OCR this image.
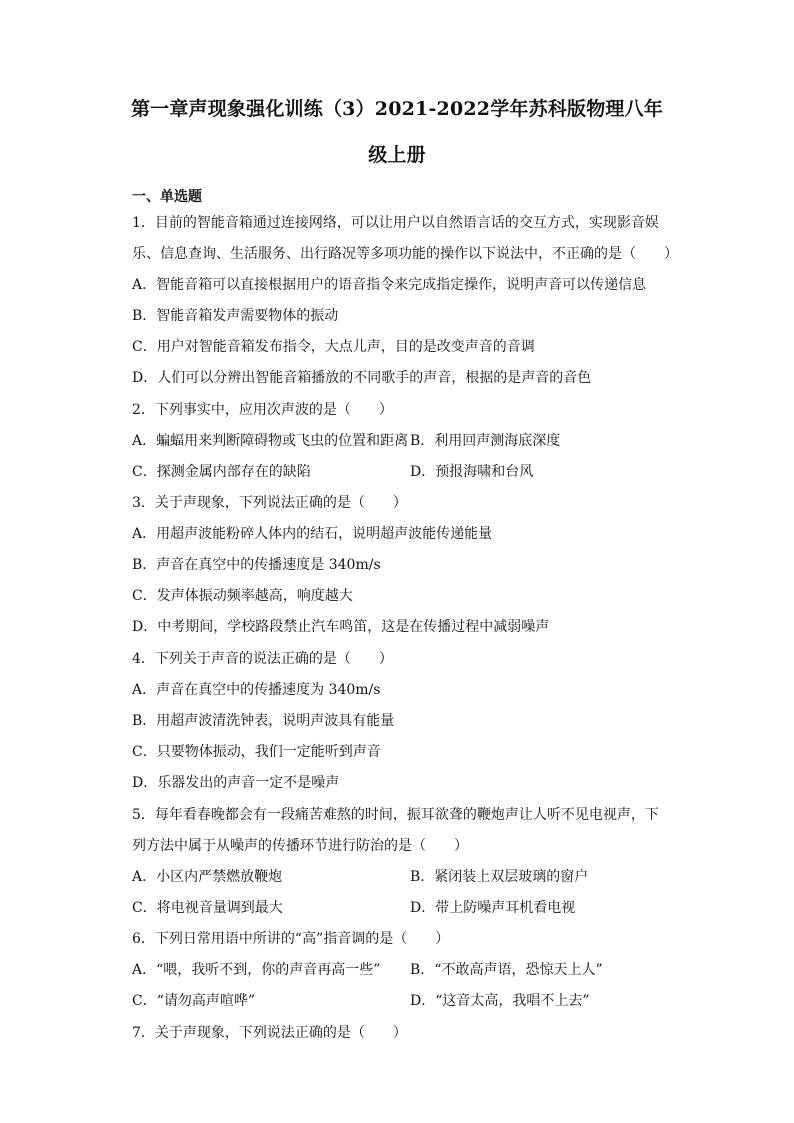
第一章声现象强化训练（3）2021-2022学年苏科版物理八年
级上册
一、单选题
1．目前的智能音箱通过连接网络，可以让用户以自然语言话的交互方式，实现影音娱
乐、信息查询、生活服务、出行路况等多项功能的操作以下说法中，不正确的是（　　）
A．智能音箱可以直接根据用户的语音指令来完成指定操作，说明声音可以传递信息
B．智能音箱发声需要物体的振动
C．用户对智能音箱发布指令，大点儿声，目的是改变声音的音调
D．人们可以分辨出智能音箱播放的不同歌手的声音，根据的是声音的音色
2．下列事实中，应用次声波的是（　　）
A．蝙蝠用来判断障碍物或飞虫的位置和距离 B．利用回声测海底深度
C．探测金属内部存在的缺陷	D．预报海啸和台风
3．关于声现象，下列说法正确的是（　　）
A．用超声波能粉碎人体内的结石，说明超声波能传递能量
B．声音在真空中的传播速度是 340m/s
C．发声体振动频率越高，响度越大
D．中考期间，学校路段禁止汽车鸣笛，这是在传播过程中减弱噪声
4．下列关于声音的说法正确的是（　　）
A．声音在真空中的传播速度为 340m/s
B．用超声波清洗钟表，说明声波具有能量
C．只要物体振动，我们一定能听到声音
D．乐器发出的声音一定不是噪声
5．每年看春晚都会有一段痛苦难熬的时间，振耳欲聋的鞭炮声让人听不见电视声，下
列方法中属于从噪声的传播环节进行防治的是（　　）
A．小区内严禁燃放鞭炮	B．紧闭装上双层玻璃的窗户
C．将电视音量调到最大	D．带上防噪声耳机看电视
6．下列日常用语中所讲的“高”指音调的是（　　）
A．“喂，我听不到，你的声音再高一些” B．“不敢高声语，恐惊天上人”
C．“请勿高声喧哗”	D．“这音太高，我唱不上去”
7．关于声现象，下列说法正确的是（　　）
